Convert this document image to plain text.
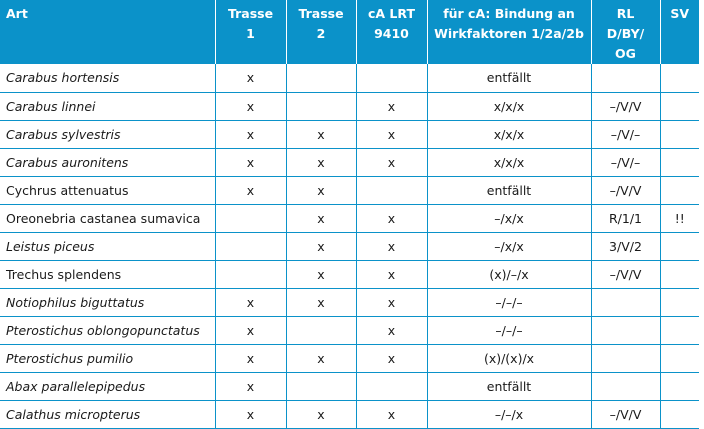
Art	Trasse 1	Trasse 2	cA LRT 9410	für cA: Bindung an Wirkfaktoren 1/2a/2b	RL D/BY/ OG	SV
Carabus hortensis	x			entfällt		
Carabus linnei	x		x	x/x/x	–/V/V	
Carabus sylvestris	x	x	x	x/x/x	–/V/–	
Carabus auronitens	x	x	x	x/x/x	–/V/–	
Cychrus attenuatus	x	x		entfällt	–/V/V	
Oreonebria castanea sumavica		x	x	–/x/x	R/1/1	!!
Leistus piceus		x	x	–/x/x	3/V/2	
Trechus splendens		x	x	(x)/–/x	–/V/V	
Notiophilus biguttatus	x	x	x	–/–/–		
Pterostichus oblongopunctatus	x		x	–/–/–		
Pterostichus pumilio	x	x	x	(x)/(x)/x		
Abax parallelepipedus	x			entfällt		
Calathus micropterus	x	x	x	–/–/x	–/V/V	
